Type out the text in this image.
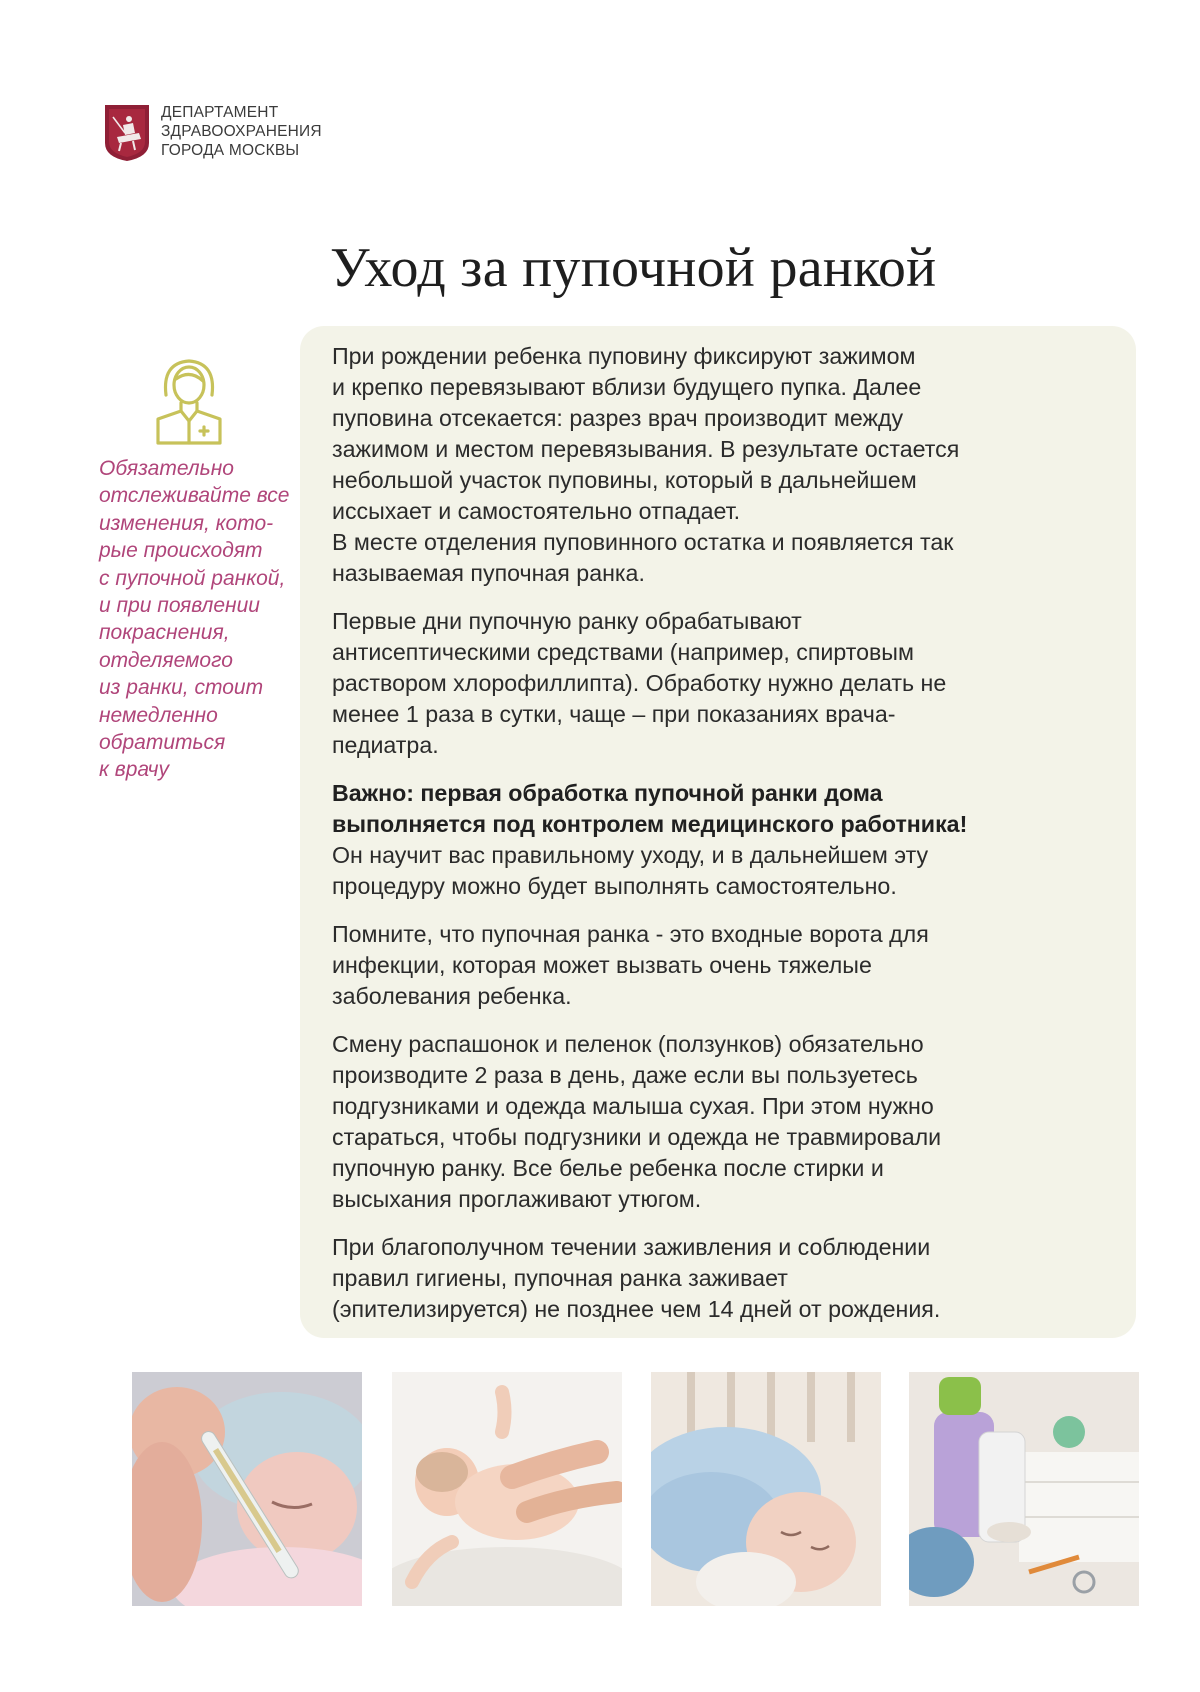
ДЕПАРТАМЕНТ
ЗДРАВООХРАНЕНИЯ
ГОРОДА МОСКВЫ
Уход за пупочной ранкой
Обязательно
отслеживайте все
изменения, кото-
рые происходят
с пупочной ранкой,
и при появлении
покраснения,
отделяемого
из ранки, стоит
немедленно
обратиться
к врачу

При рождении ребенка пуповину фиксируют зажимом
и крепко перевязывают вблизи будущего пупка. Далее
пуповина отсекается: разрез врач производит между
зажимом и местом перевязывания. В результате остается
небольшой участок пуповины, который в дальнейшем
иссыхает и самостоятельно отпадает.
В месте отделения пуповинного остатка и появляется так
называемая пупочная ранка.

Первые дни пупочную ранку обрабатывают
антисептическими средствами (например, спиртовым
раствором хлорофиллипта). Обработку нужно делать не
менее 1 раза в сутки, чаще – при показаниях врача-
педиатра.

Важно: первая обработка пупочной ранки дома
выполняется под контролем медицинского работника!
Он научит вас правильному уходу, и в дальнейшем эту
процедуру можно будет выполнять самостоятельно.

Помните, что пупочная ранка - это входные ворота для
инфекции, которая может вызвать очень тяжелые
заболевания ребенка.

Смену распашонок и пеленок (ползунков) обязательно
производите 2 раза в день, даже если вы пользуетесь
подгузниками и одежда малыша сухая. При этом нужно
стараться, чтобы подгузники и одежда не травмировали
пупочную ранку. Все белье ребенка после стирки и
высыхания проглаживают утюгом.

При благополучном течении заживления и соблюдении
правил гигиены, пупочная ранка заживает
(эпителизируется) не позднее чем 14 дней от рождения.
